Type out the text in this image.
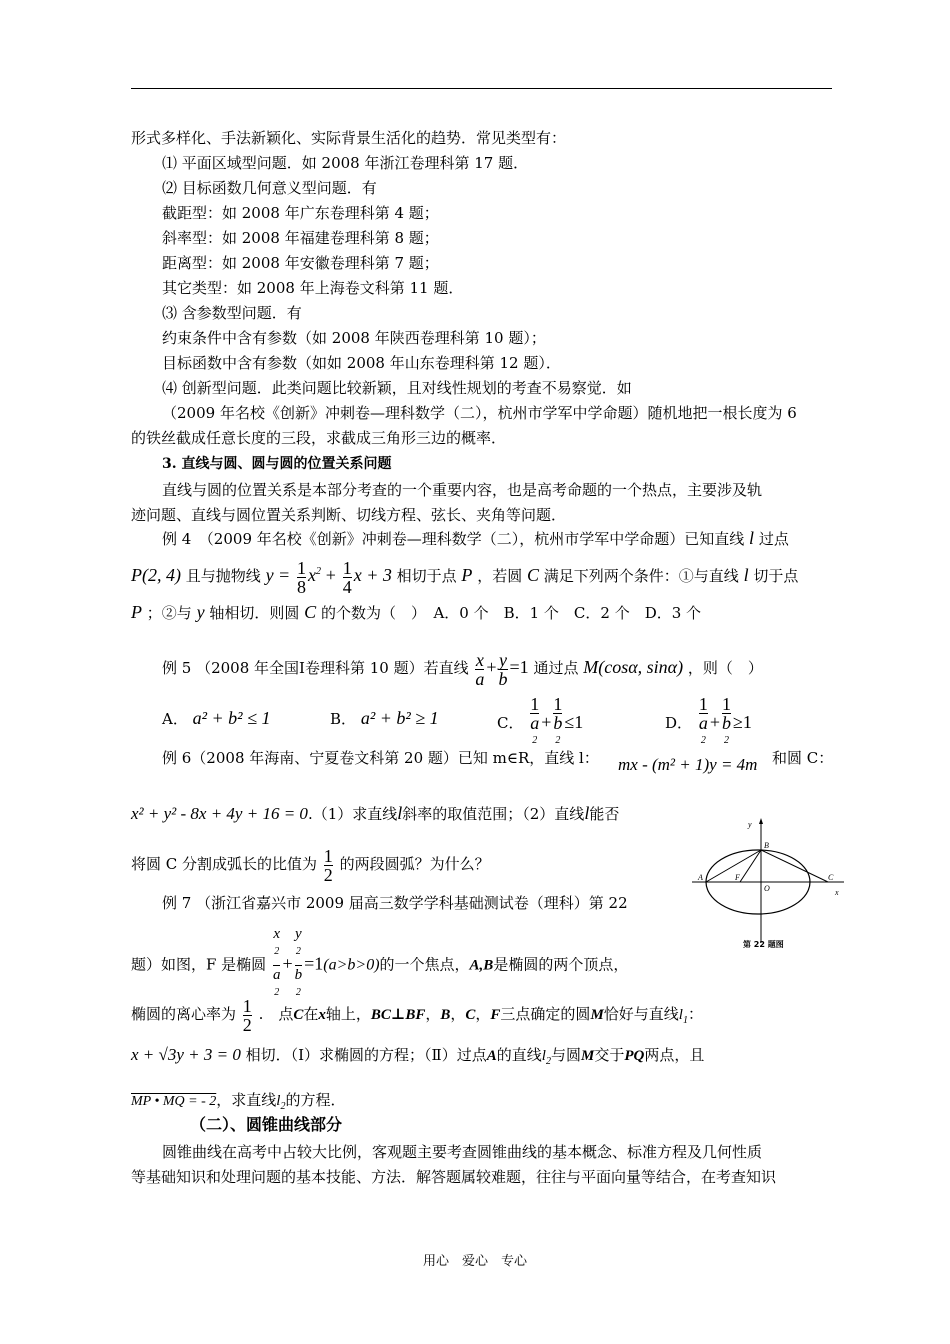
形式多样化、手法新颖化、实际背景生活化的趋势．常见类型有：
⑴ 平面区域型问题．如 2008 年浙江卷理科第 17 题．
⑵ 目标函数几何意义型问题．有
截距型：如 2008 年广东卷理科第 4 题；
斜率型：如 2008 年福建卷理科第 8 题；
距离型：如 2008 年安徽卷理科第 7 题；
其它类型：如 2008 年上海卷文科第 11 题．
⑶ 含参数型问题．有
约束条件中含有参数（如 2008 年陕西卷理科第 10 题）；
目标函数中含有参数（如如 2008 年山东卷理科第 12 题）．
⑷ 创新型问题．此类问题比较新颖，且对线性规划的考查不易察觉．如
（2009 年名校《创新》冲刺卷—理科数学（二），杭州市学军中学命题）随机地把一根长度为 6
的铁丝截成任意长度的三段，求截成三角形三边的概率．
3. 直线与圆、圆与圆的位置关系问题
直线与圆的位置关系是本部分考查的一个重要内容，也是高考命题的一个热点，主要涉及轨
迹问题、直线与圆位置关系判断、切线方程、弦长、夹角等问题．
例 4　（2009 年名校《创新》冲刺卷—理科数学（二），杭州市学军中学命题）已知直线 l 过点
P(2, 4) 且与抛物线 $y = \frac{1}{8} x^2 + \frac{1}{4}$ x + 3 相切于点 P ，若圆 C 满足下列两个条件：①与直线 l 切于点
P ；②与 y 轴相切．则圆 C 的个数为（　）　A．0 个　B．1 个　C．2 个　D．3 个
例 5 （2008 年全国Ⅰ卷理科第 10 题）若直线 $\frac{x}{a} + \frac{y}{b} =1$ 通过点 M(cosα, sinα) ，则（　）
A． a² + b² ≤ 1	B． a² + b² ≥ 1	C． 1
a
$^2$ + 1
b
$^2$ ≤1	D． 1
a
$^2$ + 1
b
$^2$ ≥1
例 6（2008 年海南、宁夏卷文科第 20 题）已知 m∈R，直线 l： mx - (m² + 1)y = 4m 和圆 C：
x² + y² - 8x + 4y + 16 = 0.（1）求直线l斜率的取值范围；（2）直线l能否
将圆 C 分割成弧长的比值为 $\frac{1}{2}$ 的两段圆弧？为什么？
例 7 （浙江省嘉兴市 2009 届高三数学学科基础测试卷（理科）第 22
题）如图，F 是椭圆 x
$^2$
a
$^2$ + y
$^2$
b
$^2$ =1(a>b>0)的一个焦点，A,B是椭圆的两个顶点，
椭圆的离心率为 $\frac{1}{2}$ .　点C在x轴上，BC⊥BF，B，C，F三点确定的圆M恰好与直线$l_1$：
x + √3y + 3 = 0 相切．（Ⅰ）求椭圆的方程；（Ⅱ）过点A的直线$l_2$与圆M交于PQ两点，且
MP • MQ = - 2，求直线$l_2$的方程．
（二）、圆锥曲线部分
圆锥曲线在高考中占较大比例，客观题主要考查圆锥曲线的基本概念、标准方程及几何性质
等基础知识和处理问题的基本技能、方法．解答题属较难题，往往与平面向量等结合，在考查知识
y
B
A	F
O
C
x
第 22 题图
用心　爱心　专心
